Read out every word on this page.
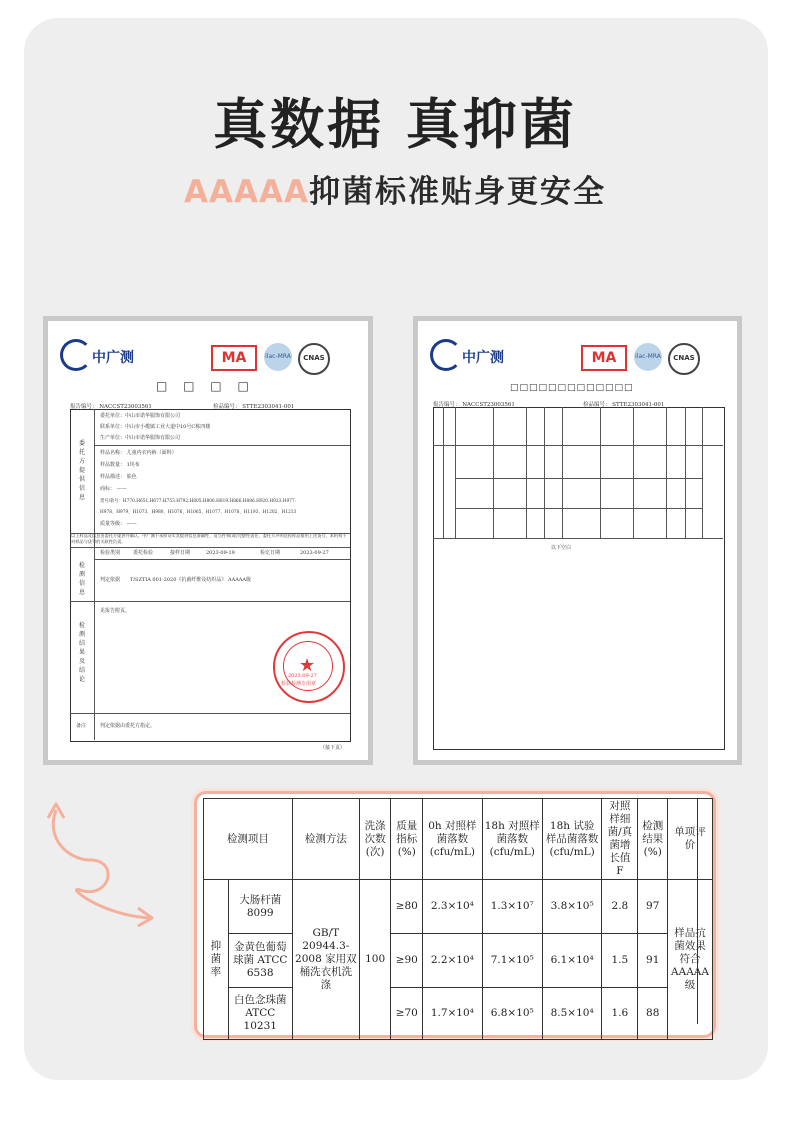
真数据 真抑菌
AAAAA抑菌标准贴身更安全
中广测	MA	ilac-MRA	CNAS
□ □ □ □
报告编号： NACCST23003561	检品编号： STTE2303041-001
委托单位：中山市诺华服饰有限公司
联系单位：中山市小榄镇工业大道中10号C栋四楼
生产单位：中山市诺华服饰有限公司
委托方提供信息
样品名称： 儿童内衣内裤（面料）
样品数量： 1块布
样品描述： 肤色
商标： ——
货号/款号：H770.H651.H677.H753.H792.H805.H806.H819.H866.H886.H920.H923.H977.
H978、H979、H1073、H980、H1076、H1065、H1077、H1078、H1193、H1202、H1213
质量等级： ——
以上样品及信息由委托方提供并确认，中广测不承担证实其提供信息准确性、适当性和(或)完整性责任，委托方声明送检样品使用上述货号，本机构不对样品与货号的关联性负责。
检验类别	委托检验	接样日期	2023-09-19	检讫日期	2023-09-27
判定依据 T/SZTIA 001-2020《抗菌纤维及纺织品》 AAAAA级
检测信息
见报告附页。
检测结果及结论
★
检验检测专用章
2023-09-27
备注	判定依据由委托方指定。
（接下页）
中广测	MA	ilac-MRA	CNAS
□□□□□□□□□□□□□
报告编号： NACCST23003561	检品编号： STTE2303041-001
以下空白
检测项目		检测方法	洗涤次数(次)	质量指标(%)	0h 对照样菌落数(cfu/mL)	18h 对照样菌落数(cfu/mL)	18h 试验样品菌落数(cfu/mL)	对照样细菌/真菌增长值 F	检测结果(%)	单项评价
抑菌率	大肠杆菌 8099	GB/T 20944.3-2008 家用双桶洗衣机洗涤	100	≥80	2.3×10⁴	1.3×10⁷	3.8×10⁵	2.8	97	样品抗菌效果符合AAAAA级
	金黄色葡萄球菌 ATCC 6538			≥90	2.2×10⁴	7.1×10⁵	6.1×10⁴	1.5	91	
	白色念珠菌 ATCC 10231			≥70	1.7×10⁴	6.8×10⁵	8.5×10⁴	1.6	88	
